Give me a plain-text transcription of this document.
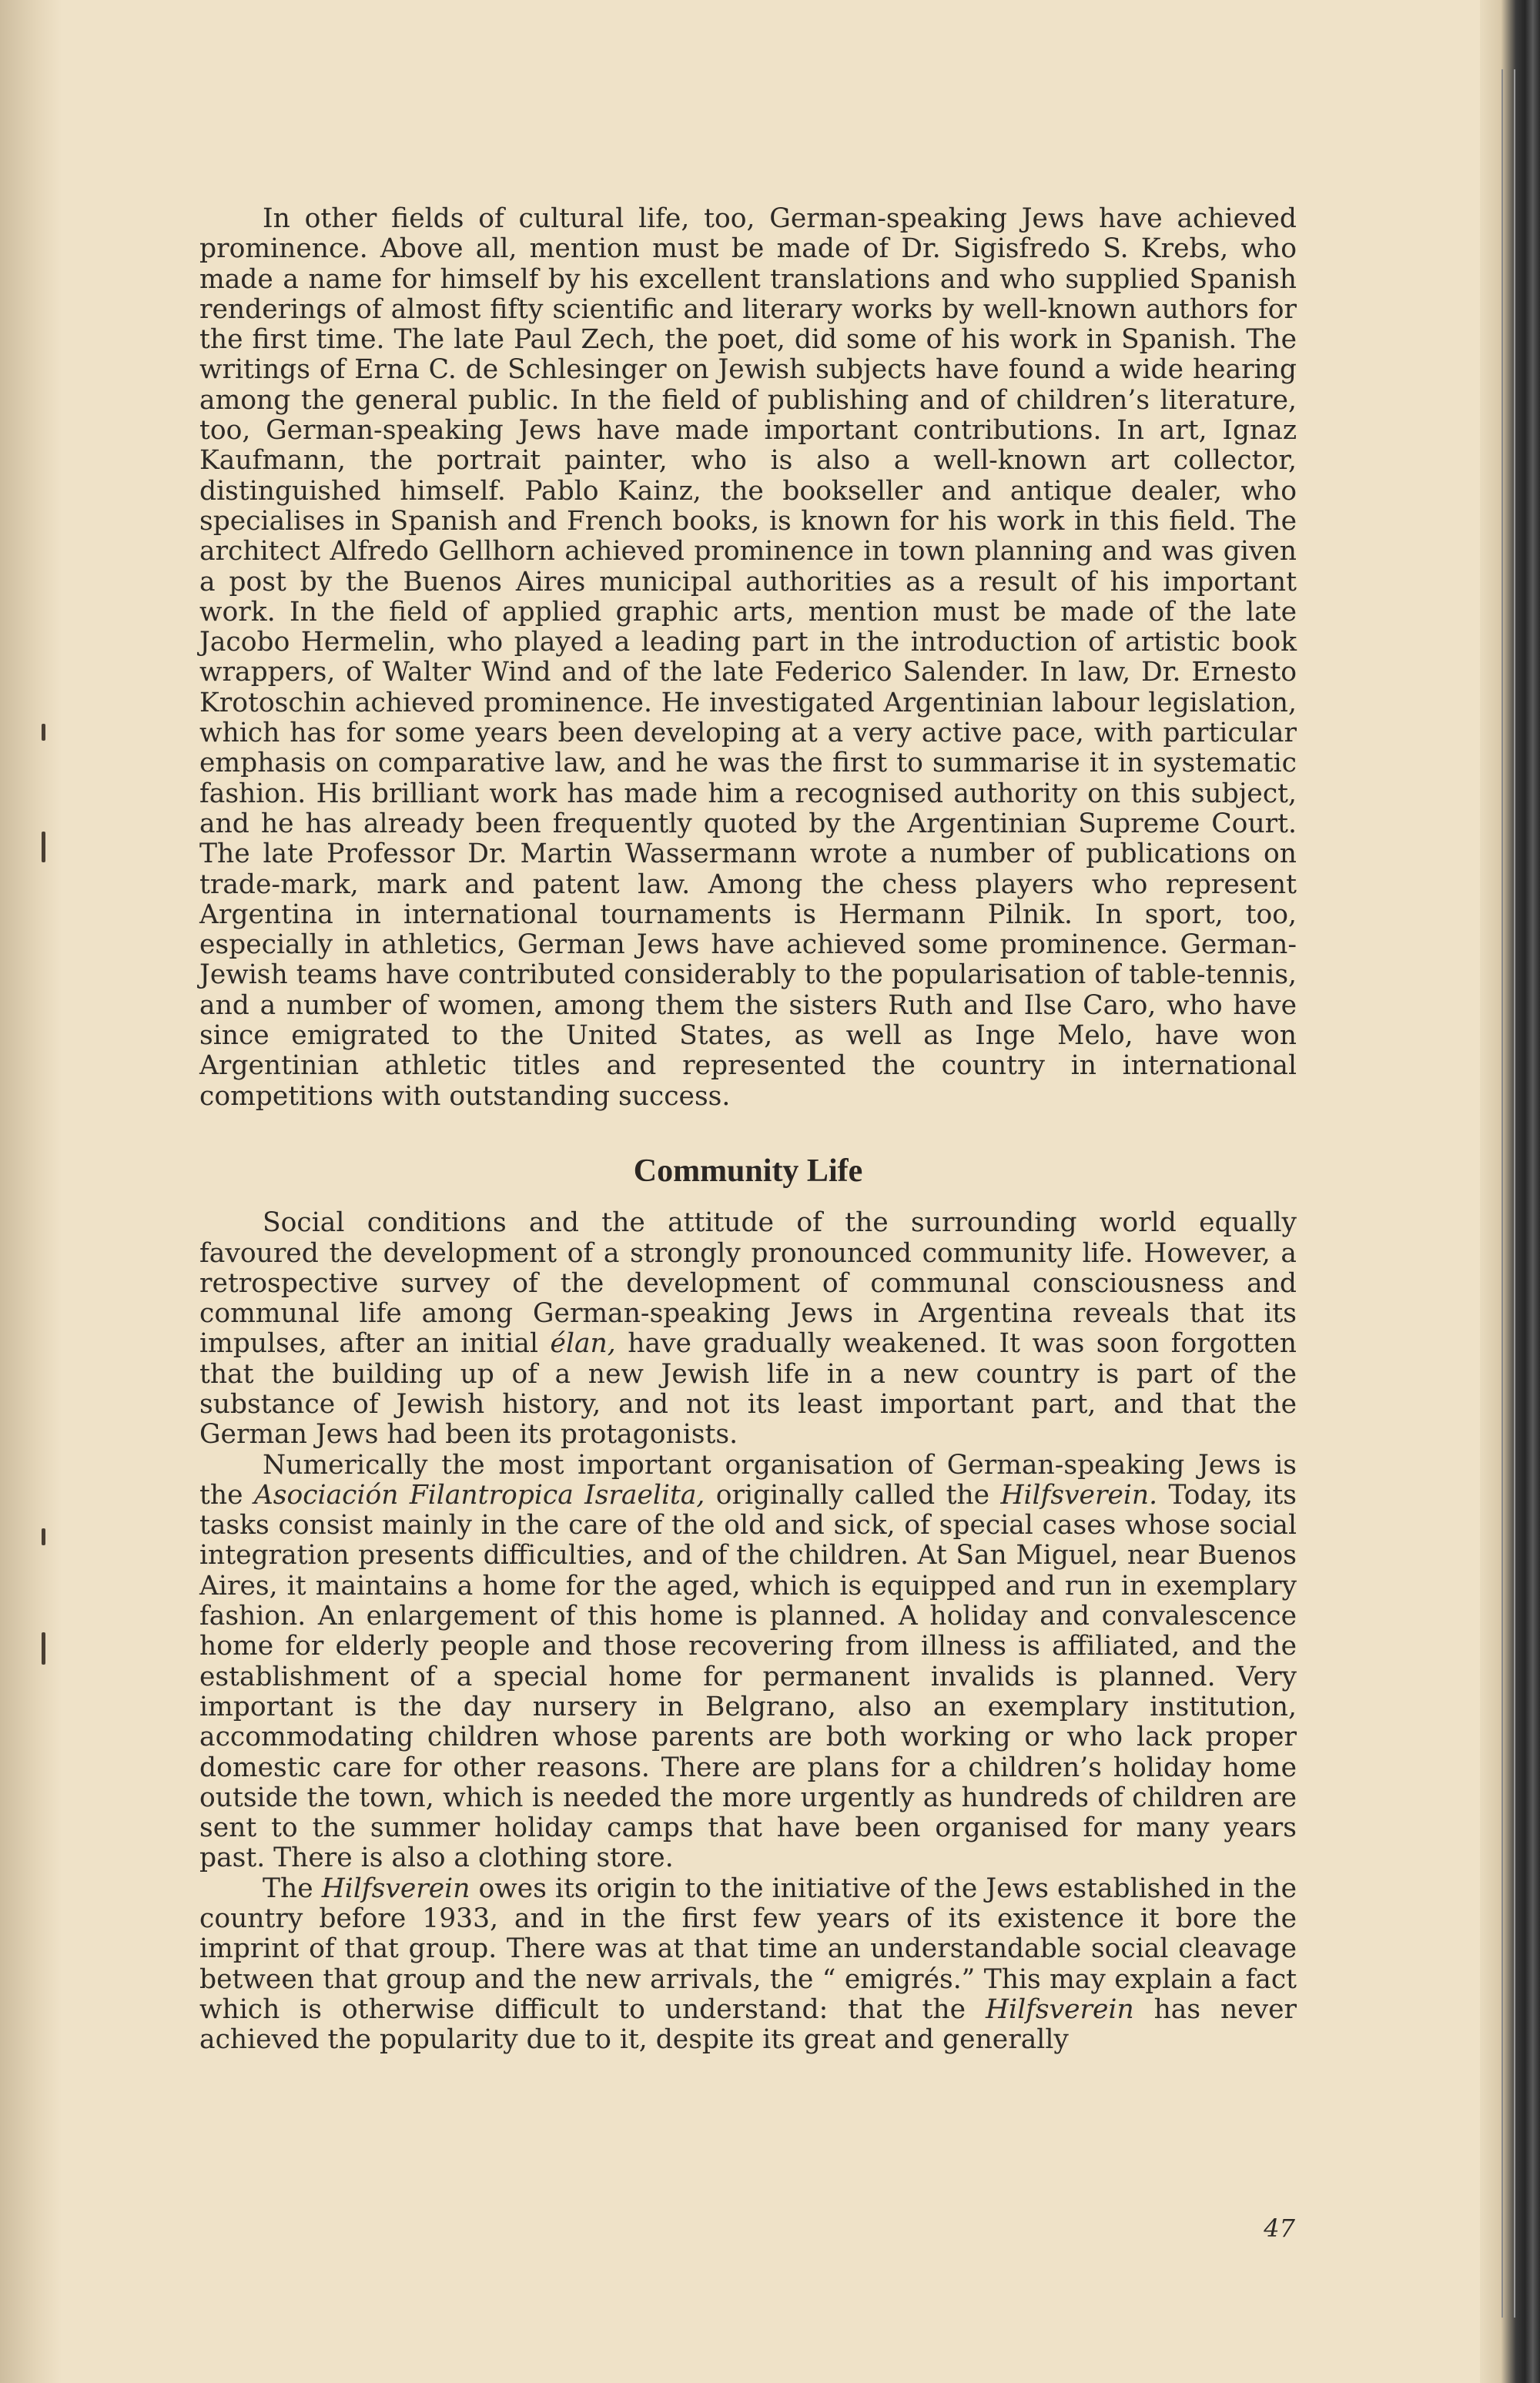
In other fields of cultural life, too, German-speaking Jews have achieved prominence. Above all, mention must be made of Dr. Sigisfredo S. Krebs, who made a name for himself by his excellent translations and who supplied Spanish renderings of almost fifty scientific and literary works by well-known authors for the first time. The late Paul Zech, the poet, did some of his work in Spanish. The writings of Erna C. de Schlesinger on Jewish subjects have found a wide hearing among the general public. In the field of publishing and of children’s literature, too, German-speaking Jews have made important contributions. In art, Ignaz Kaufmann, the portrait painter, who is also a well-known art collector, distinguished himself. Pablo Kainz, the bookseller and antique dealer, who specialises in Spanish and French books, is known for his work in this field. The architect Alfredo Gellhorn achieved prominence in town planning and was given a post by the Buenos Aires municipal authorities as a result of his important work. In the field of applied graphic arts, mention must be made of the late Jacobo Hermelin, who played a leading part in the introduction of artistic book wrappers, of Walter Wind and of the late Federico Salender. In law, Dr. Ernesto Krotoschin achieved prominence. He investigated Argentinian labour legislation, which has for some years been developing at a very active pace, with particular emphasis on comparative law, and he was the first to summarise it in systematic fashion. His brilliant work has made him a recognised authority on this subject, and he has already been frequently quoted by the Argentinian Supreme Court. The late Professor Dr. Martin Wassermann wrote a number of publications on trade-mark, mark and patent law. Among the chess players who represent Argentina in international tournaments is Hermann Pilnik. In sport, too, especially in athletics, German Jews have achieved some prominence. German-Jewish teams have contributed considerably to the popularisation of table-tennis, and a number of women, among them the sisters Ruth and Ilse Caro, who have since emigrated to the United States, as well as Inge Melo, have won Argentinian athletic titles and represented the country in international competitions with outstanding success.

Community Life

Social conditions and the attitude of the surrounding world equally favoured the development of a strongly pronounced community life. However, a retrospective survey of the development of communal consciousness and communal life among German-speaking Jews in Argentina reveals that its impulses, after an initial élan, have gradually weakened. It was soon forgotten that the building up of a new Jewish life in a new country is part of the substance of Jewish history, and not its least important part, and that the German Jews had been its protagonists.

Numerically the most important organisation of German-speaking Jews is the Asociación Filantropica Israelita, originally called the Hilfsverein. Today, its tasks consist mainly in the care of the old and sick, of special cases whose social integration presents difficulties, and of the children. At San Miguel, near Buenos Aires, it maintains a home for the aged, which is equipped and run in exemplary fashion. An enlargement of this home is planned. A holiday and convalescence home for elderly people and those recovering from illness is affiliated, and the establishment of a special home for permanent invalids is planned. Very important is the day nursery in Belgrano, also an exemplary institution, accommodating children whose parents are both working or who lack proper domestic care for other reasons. There are plans for a children’s holiday home outside the town, which is needed the more urgently as hundreds of children are sent to the summer holiday camps that have been organised for many years past. There is also a clothing store.

The Hilfsverein owes its origin to the initiative of the Jews established in the country before 1933, and in the first few years of its existence it bore the imprint of that group. There was at that time an understandable social cleavage between that group and the new arrivals, the “ emigrés.” This may explain a fact which is otherwise difficult to understand: that the Hilfsverein has never achieved the popularity due to it, despite its great and generally

47
